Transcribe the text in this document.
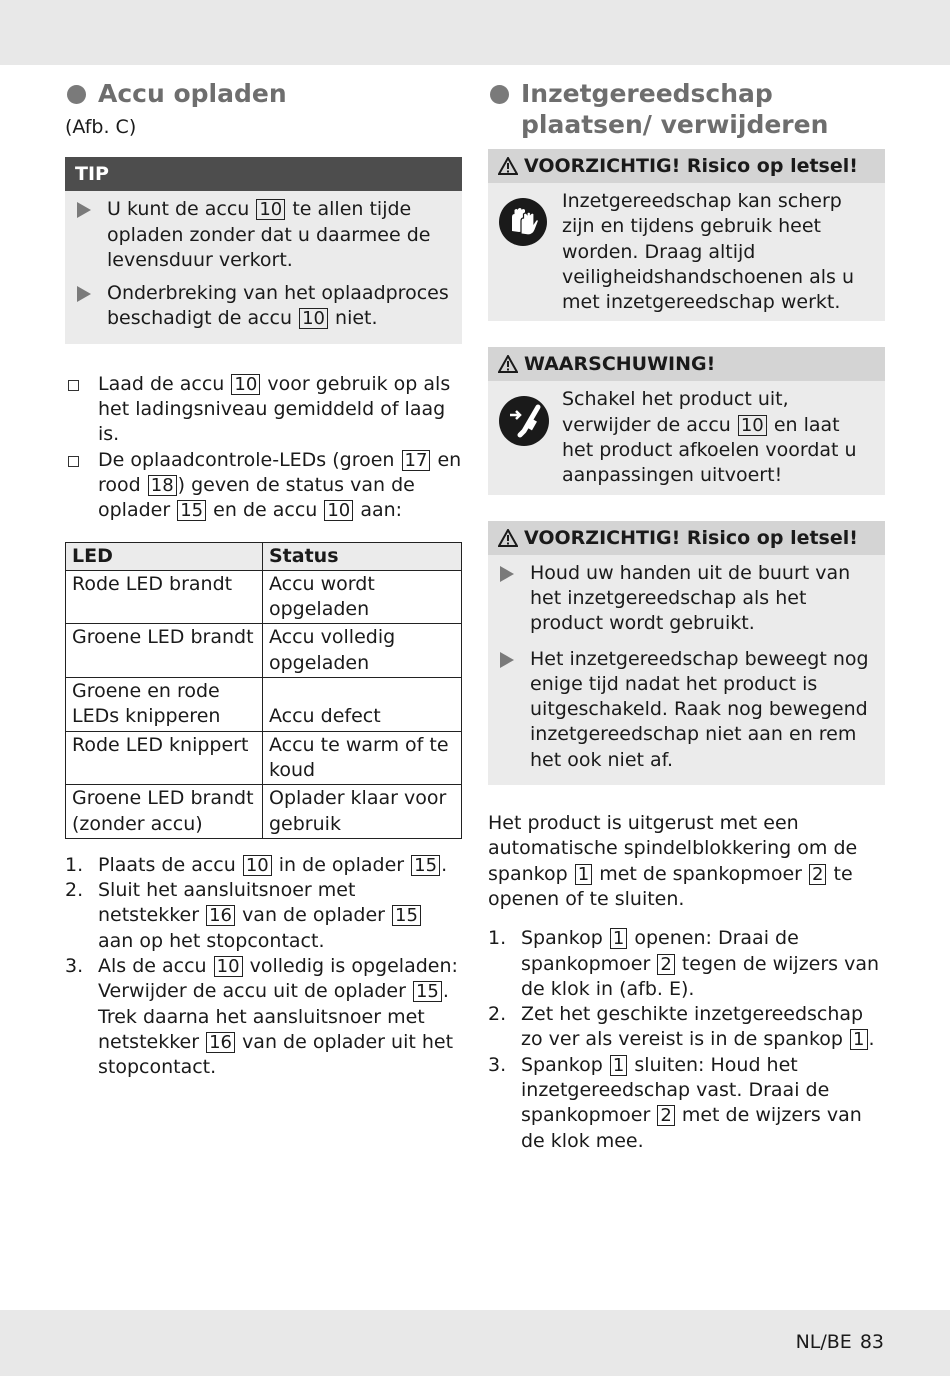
Accu opladen
(Afb. C)
TIP
U kunt de accu 10 te allen tijde opladen zonder dat u daarmee de levensduur verkort.
Onderbreking van het oplaadproces beschadigt de accu 10 niet.
Laad de accu 10 voor gebruik op als het ladingsniveau gemiddeld of laag is.
De oplaadcontrole-LEDs (groen 17 en rood 18 ) geven de status van de oplader 15 en de accu 10 aan:
LED	Status
Rode LED brandt	Accu wordt opgeladen
Groene LED brandt	Accu volledig opgeladen
Groene en rode LEDs knipperen	Accu defect
Rode LED knippert	Accu te warm of te koud
Groene LED brandt (zonder accu)	Oplader klaar voor gebruik
1. Plaats de accu 10 in de oplader 15 .
2. Sluit het aansluitsnoer met netstekker 16 van de oplader 15 aan op het stopcontact.
3. Als de accu 10 volledig is opgeladen: Verwijder de accu uit de oplader 15 . Trek daarna het aansluitsnoer met netstekker 16 van de oplader uit het stopcontact.
Inzetgereedschap plaatsen/ verwijderen
VOORZICHTIG! Risico op letsel!
Inzetgereedschap kan scherp zijn en tijdens gebruik heet worden. Draag altijd veiligheidshandschoenen als u met inzetgereedschap werkt.
WAARSCHUWING!
Schakel het product uit, verwijder de accu 10 en laat het product afkoelen voordat u aanpassingen uitvoert!
VOORZICHTIG! Risico op letsel!
Houd uw handen uit de buurt van het inzetgereedschap als het product wordt gebruikt.
Het inzetgereedschap beweegt nog enige tijd nadat het product is uitgeschakeld. Raak nog bewegend inzetgereedschap niet aan en rem het ook niet af.

Het product is uitgerust met een automatische spindelblokkering om de spankop 1 met de spankopmoer 2 te openen of te sluiten.

1. Spankop 1 openen: Draai de spankopmoer 2 tegen de wijzers van de klok in (afb. E).
2. Zet het geschikte inzetgereedschap zo ver als vereist is in de spankop 1 .
3. Spankop 1 sluiten: Houd het inzetgereedschap vast. Draai de spankopmoer 2 met de wijzers van de klok mee.
NL/BE 83
